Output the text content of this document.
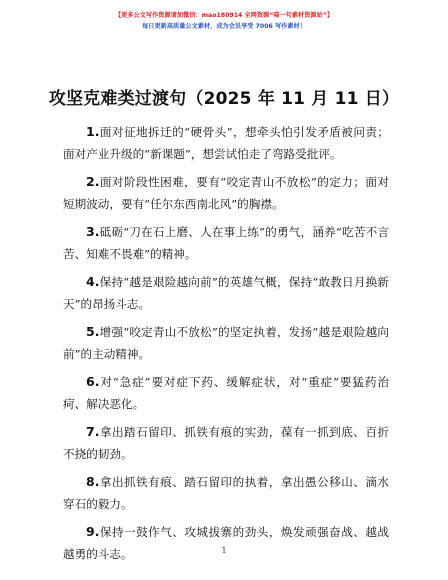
【更多公文写作资源请加微信：mao180914 全网资源“喵一句素材资源站”】
每日更新高质量公文素材，成为会员享受 7006 写作素材！
攻坚克难类过渡句（2025 年 11 月 11 日）

1.面对征地拆迁的“硬骨头”，想牵头怕引发矛盾被问责；面对产业升级的“新课题”，想尝试怕走了弯路受批评。

2.面对阶段性困难，要有“咬定青山不放松”的定力；面对短期波动，要有“任尔东西南北风”的胸襟。

3.砥砺“刀在石上磨、人在事上练”的勇气，涵养“吃苦不言苦、知难不畏难”的精神。

4.保持“越是艰险越向前”的英雄气概，保持“敢教日月换新天”的昂扬斗志。

5.增强“咬定青山不放松”的坚定执着，发扬“越是艰险越向前”的主动精神。

6.对“急症”要对症下药、缓解症状，对“重症”要猛药治疴、解决恶化。

7.拿出踏石留印、抓铁有痕的实劲，葆有一抓到底、百折不挠的韧劲。

8.拿出抓铁有痕、踏石留印的执着，拿出愚公移山、滴水穿石的毅力。

9.保持一鼓作气、攻城拔寨的劲头，焕发顽强奋战、越战越勇的斗志。	1
